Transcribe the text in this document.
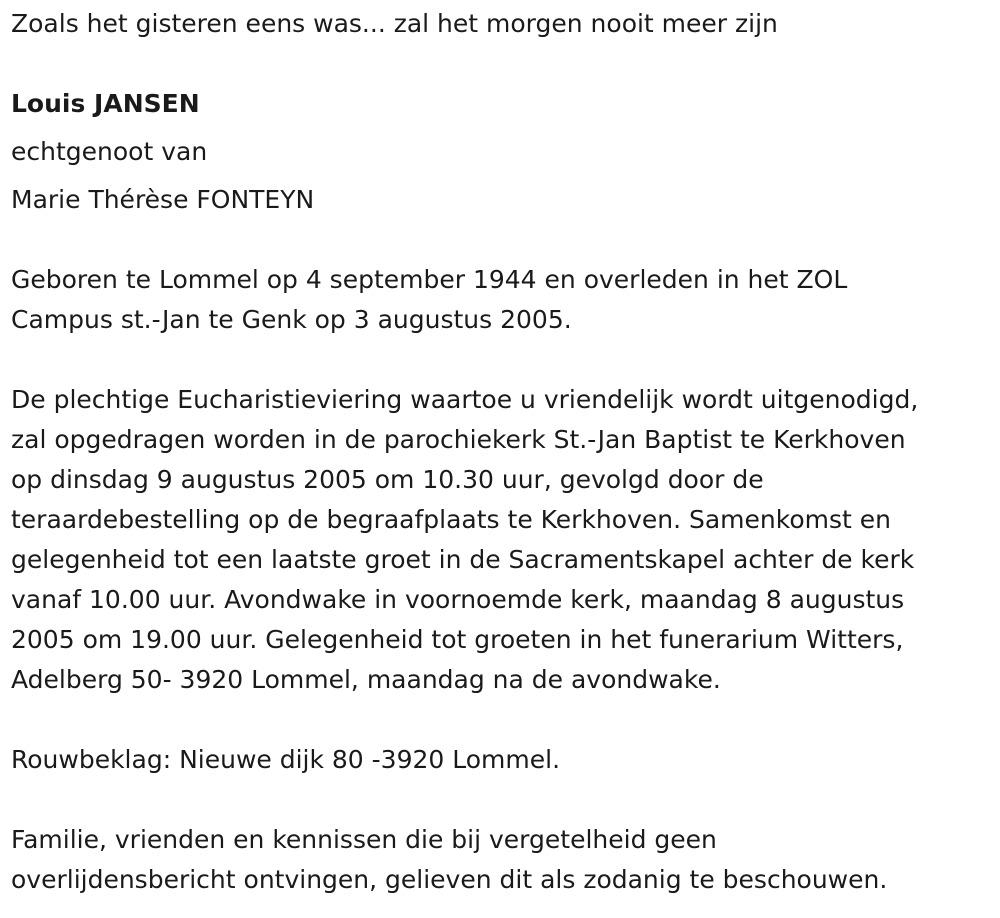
Zoals het gisteren eens was... zal het morgen nooit meer zijn
Louis JANSEN
echtgenoot van
Marie Thérèse FONTEYN
Geboren te Lommel op 4 september 1944 en overleden in het ZOL
Campus st.-Jan te Genk op 3 augustus 2005.
De plechtige Eucharistieviering waartoe u vriendelijk wordt uitgenodigd,
zal opgedragen worden in de parochiekerk St.-Jan Baptist te Kerkhoven
op dinsdag 9 augustus 2005 om 10.30 uur, gevolgd door de
teraardebestelling op de begraafplaats te Kerkhoven. Samenkomst en
gelegenheid tot een laatste groet in de Sacramentskapel achter de kerk
vanaf 10.00 uur. Avondwake in voornoemde kerk, maandag 8 augustus
2005 om 19.00 uur. Gelegenheid tot groeten in het funerarium Witters,
Adelberg 50- 3920 Lommel, maandag na de avondwake.
Rouwbeklag: Nieuwe dijk 80 -3920 Lommel.
Familie, vrienden en kennissen die bij vergetelheid geen
overlijdensbericht ontvingen, gelieven dit als zodanig te beschouwen.
